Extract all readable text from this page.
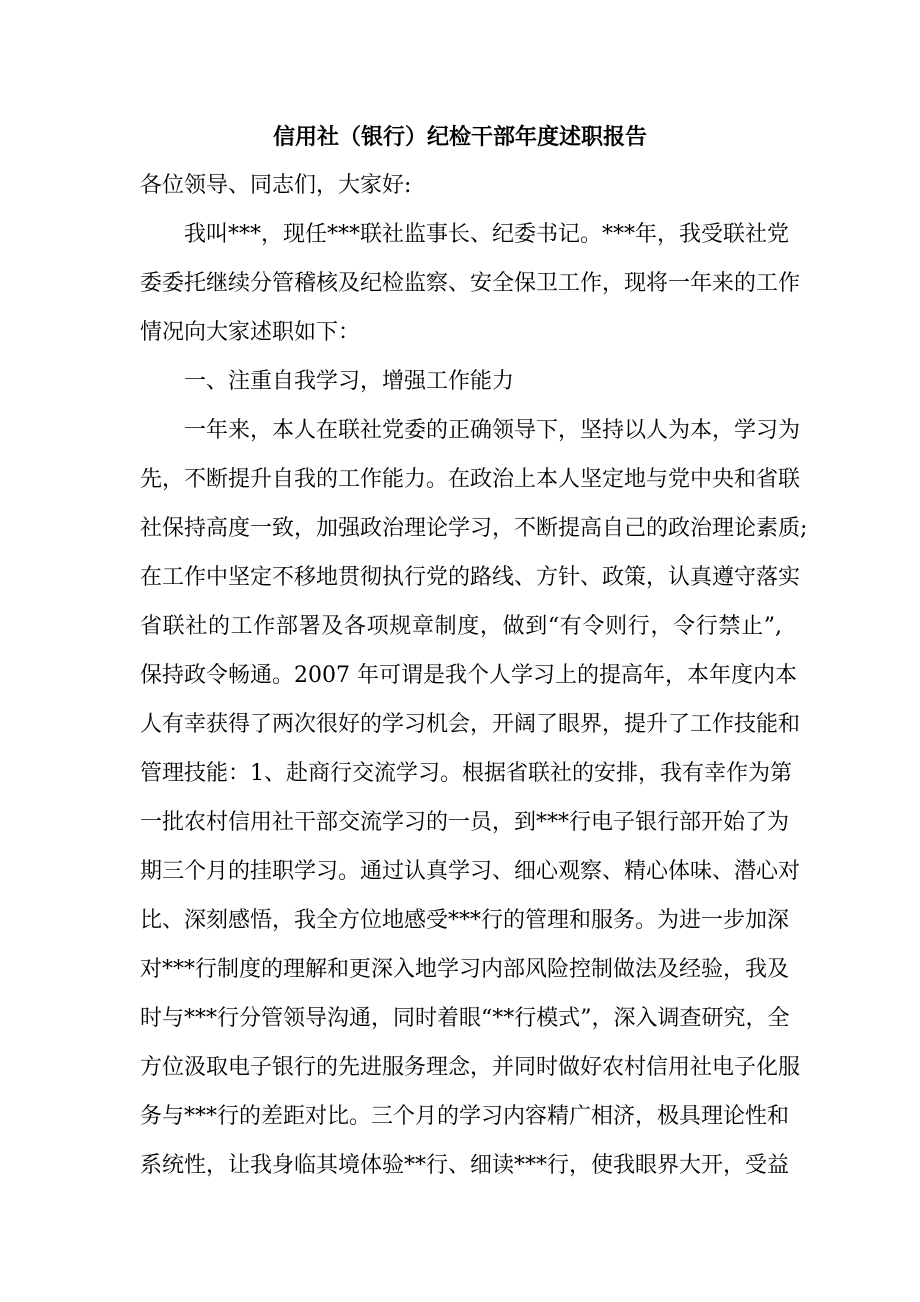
信用社（银行）纪检干部年度述职报告
各位领导、同志们，大家好:
我叫***，现任***联社监事长、纪委书记。***年，我受联社党
委委托继续分管稽核及纪检监察、安全保卫工作，现将一年来的工作
情况向大家述职如下：
一、注重自我学习，增强工作能力
一年来，本人在联社党委的正确领导下，坚持以人为本，学习为
先，不断提升自我的工作能力。在政治上本人坚定地与党中央和省联
社保持高度一致，加强政治理论学习，不断提高自己的政治理论素质;
在工作中坚定不移地贯彻执行党的路线、方针、政策，认真遵守落实
省联社的工作部署及各项规章制度，做到“有令则行，令行禁止”,
保持政令畅通。2007 年可谓是我个人学习上的提高年，本年度内本
人有幸获得了两次很好的学习机会，开阔了眼界，提升了工作技能和
管理技能：1、赴商行交流学习。根据省联社的安排，我有幸作为第
一批农村信用社干部交流学习的一员，到***行电子银行部开始了为
期三个月的挂职学习。通过认真学习、细心观察、精心体味、潜心对
比、深刻感悟，我全方位地感受***行的管理和服务。为进一步加深
对***行制度的理解和更深入地学习内部风险控制做法及经验，我及
时与***行分管领导沟通，同时着眼“**行模式”，深入调查研究，全
方位汲取电子银行的先进服务理念，并同时做好农村信用社电子化服
务与***行的差距对比。三个月的学习内容精广相济，极具理论性和
系统性，让我身临其境体验**行、细读***行，使我眼界大开，受益
